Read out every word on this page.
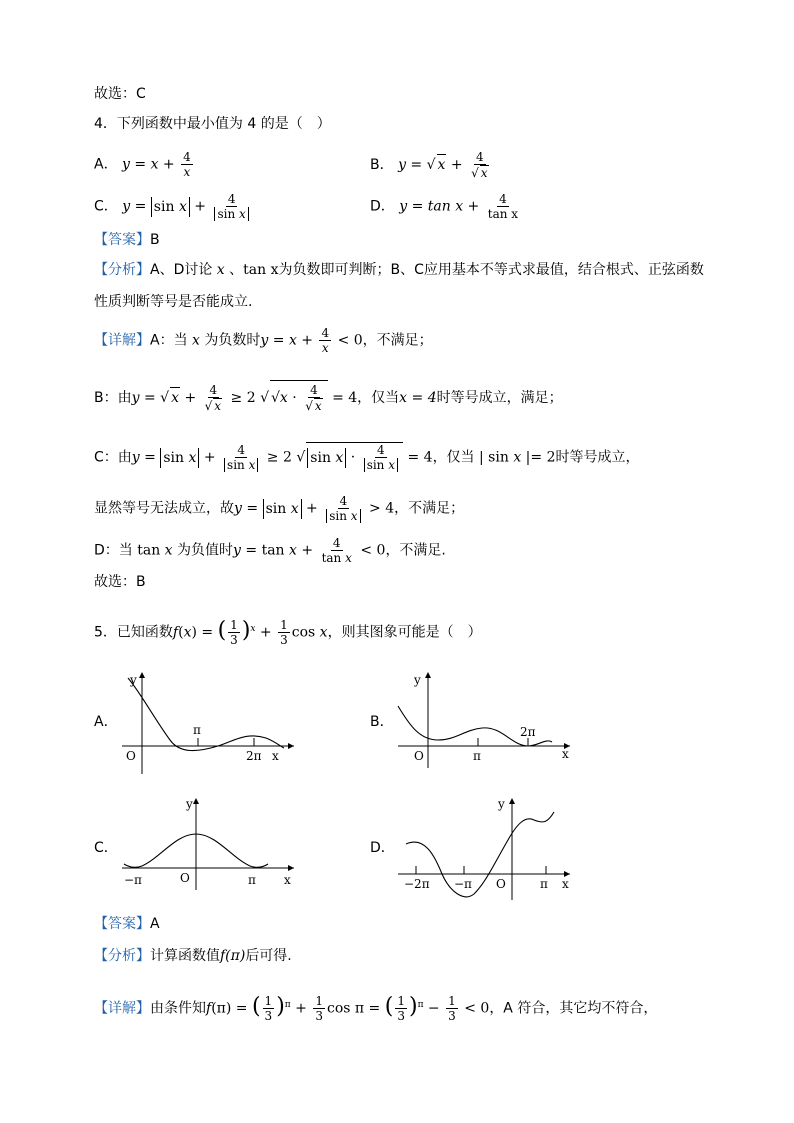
故选：C
4．下列函数中最小值为 4 的是（　）
A． $y = x + \frac{4}{x}$	B． y = √ $x + \frac{4}{√ x}$
C． $y = \sin x + \frac{4}{\text{sin x}}$	D． $y = \tan x + \frac{4}{\text{tan x}}$
【答案】B
【分析】A、D讨论 x 、tan x为负数即可判断；B、C应用基本不等式求最值，结合根式、正弦函数
性质判断等号是否能成立.
【详解】A：当 x 为负数时$y = x + \frac{4}{x} < 0$，不满足；
B：由y = √ $x + \frac{4}{√ x} \ge 2$ √ $√x \cdot \frac{4}{√ x} = 4$，仅当x = 4时等号成立，满足；
C：由$y = \sin x + \frac{4}{\text{sin x}} \ge 2$ √ $\sin x \cdot \frac{4}{\text{sin x}} = 4$，仅当 | sin x |= 2时等号成立，
显然等号无法成立，故$y = \sin x + \frac{4}{\text{sin x}} > 4$，不满足；
D：当 tan x 为负值时$y = \tan x + \frac{4}{\text{tan x}} < 0$，不满足.
故选：B
5．已知函数f(x) = ( $\frac{1}{3} )^x + \frac{1}{3}$ cos x，则其图象可能是（　）
A．
y
O
π
2π x
B．
y
O	π
2π
x
C．
y
O
−π	π x
D．
y
O
−2π −π	π x
【答案】A
【分析】计算函数值f(π)后可得.
【详解】由条件知f(π) = ( $\frac{1}{3} )^\pi + \frac{1}{3}$ cos π = ( $\frac{1}{3} )^\pi - \frac{1}{3} < 0$，A 符合，其它均不符合，
